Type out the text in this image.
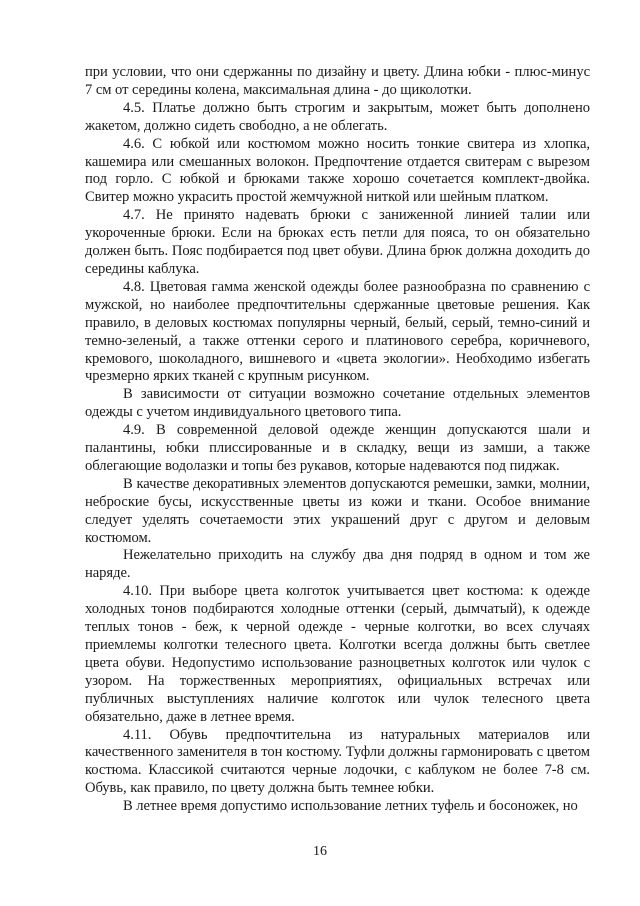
при условии, что они сдержанны по дизайну и цвету. Длина юбки - плюс-минус 7 см от середины колена, максимальная длина - до щиколотки.

4.5. Платье должно быть строгим и закрытым, может быть дополнено жакетом, должно сидеть свободно, а не облегать.

4.6. С юбкой или костюмом можно носить тонкие свитера из хлопка, кашемира или смешанных волокон. Предпочтение отдается свитерам с вырезом под горло. С юбкой и брюками также хорошо сочетается комплект-двойка. Свитер можно украсить простой жемчужной ниткой или шейным платком.

4.7. Не принято надевать брюки с заниженной линией талии или укороченные брюки. Если на брюках есть петли для пояса, то он обязательно должен быть. Пояс подбирается под цвет обуви. Длина брюк должна доходить до середины каблука.

4.8. Цветовая гамма женской одежды более разнообразна по сравнению с мужской, но наиболее предпочтительны сдержанные цветовые решения. Как правило, в деловых костюмах популярны черный, белый, серый, темно-синий и темно-зеленый, а также оттенки серого и платинового серебра, коричневого, кремового, шоколадного, вишневого и «цвета экологии». Необходимо избегать чрезмерно ярких тканей с крупным рисунком.

В зависимости от ситуации возможно сочетание отдельных элементов одежды с учетом индивидуального цветового типа.

4.9. В современной деловой одежде женщин допускаются шали и палантины, юбки плиссированные и в складку, вещи из замши, а также облегающие водолазки и топы без рукавов, которые надеваются под пиджак.

В качестве декоративных элементов допускаются ремешки, замки, молнии, неброские бусы, искусственные цветы из кожи и ткани. Особое внимание следует уделять сочетаемости этих украшений друг с другом и деловым костюмом.

Нежелательно приходить на службу два дня подряд в одном и том же наряде.

4.10. При выборе цвета колготок учитывается цвет костюма: к одежде холодных тонов подбираются холодные оттенки (серый, дымчатый), к одежде теплых тонов - беж, к черной одежде - черные колготки, во всех случаях приемлемы колготки телесного цвета. Колготки всегда должны быть светлее цвета обуви. Недопустимо использование разноцветных колготок или чулок с узором. На торжественных мероприятиях, официальных встречах или публичных выступлениях наличие колготок или чулок телесного цвета обязательно, даже в летнее время.

4.11. Обувь предпочтительна из натуральных материалов или качественного заменителя в тон костюму. Туфли должны гармонировать с цветом костюма. Классикой считаются черные лодочки, с каблуком не более 7-8 см. Обувь, как правило, по цвету должна быть темнее юбки.

В летнее время допустимо использование летних туфель и босоножек, но

16
